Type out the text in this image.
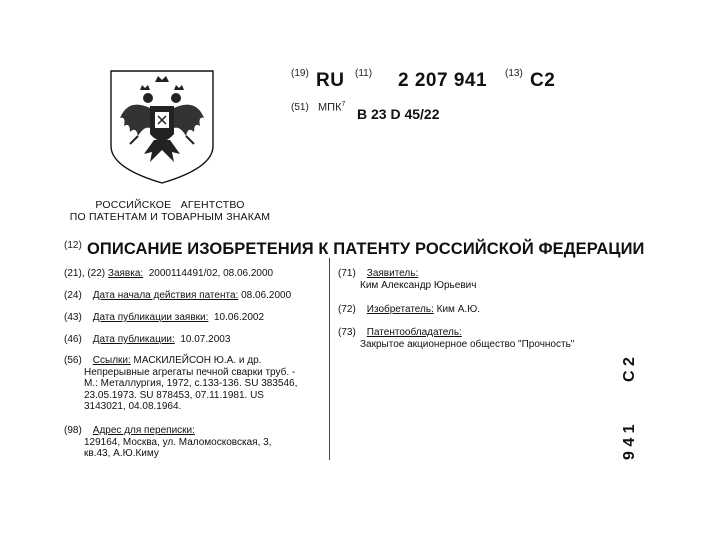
РОССИЙСКОЕ   АГЕНТСТВО
ПО ПАТЕНТАМ И ТОВАРНЫМ ЗНАКАМ
(19) RU (11) 2 207 941 (13) C2
(51) МПК$^7$
B 23 D 45/22
(12) ОПИСАНИЕ ИЗОБРЕТЕНИЯ К ПАТЕНТУ РОССИЙСКОЙ ФЕДЕРАЦИИ
(21), (22) Заявка: 2000114491/02, 08.06.2000
(24) Дата начала действия патента: 08.06.2000
(43) Дата публикации заявки: 10.06.2002
(46) Дата публикации: 10.07.2003
(56) Ссылки: МАСКИЛЕЙСОН Ю.А. и др.
Непрерывные агрегаты печной сварки труб. -
М.: Металлургия, 1972, с.133-136. SU 383546,
23.05.1973. SU 878453, 07.11.1981. US
3143021, 04.08.1964.
(98) Адрес для переписки:
129164, Москва, ул. Маломосковская, 3,
кв.43, А.Ю.Киму
(71) Заявитель:
Ким Александр Юрьевич
(72) Изобретатель: Ким А.Ю.
(73) Патентообладатель:
Закрытое акционерное общество "Прочность"
9 4 1
C 2
